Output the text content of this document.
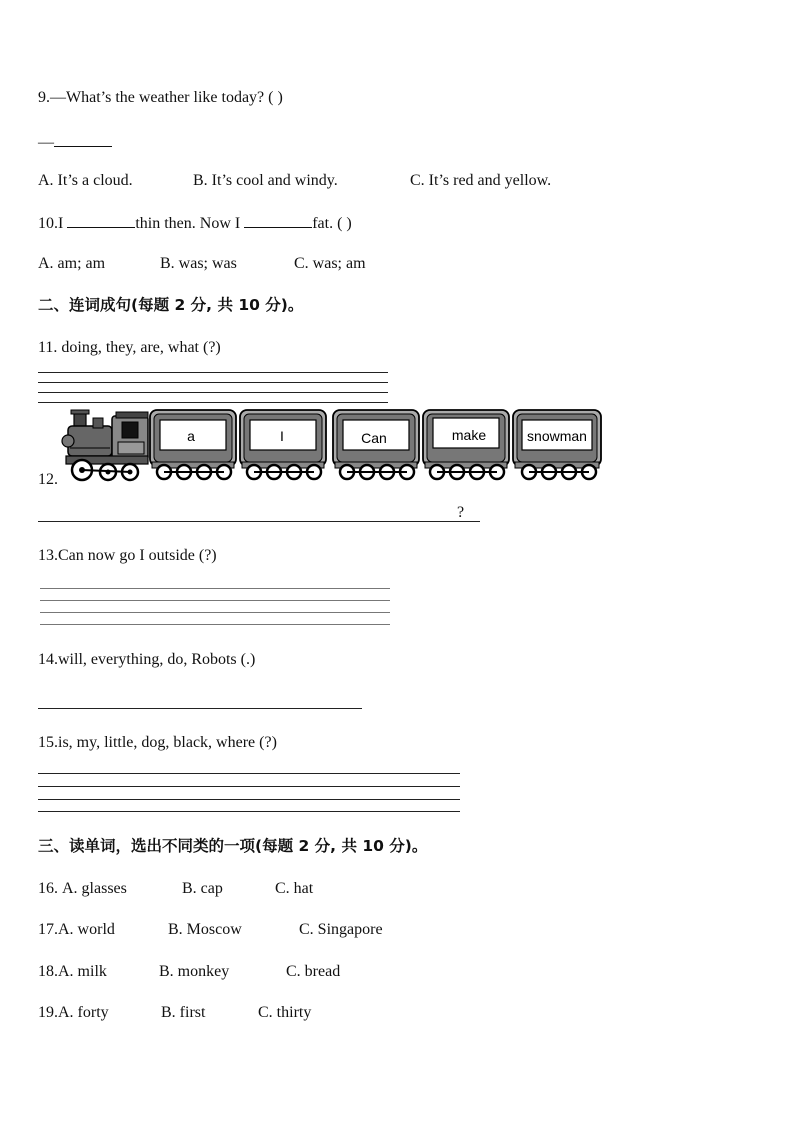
9.—What’s the weather like today? ( )
—
A. It’s a cloud.	B. It’s cool and windy.	C. It’s red and yellow.
10.I	thin then. Now I	fat. ( )
A. am; am	B. was; was	C. was; am
二、连词成句(每题 2 分, 共 10 分)。
11. doing, they, are, what (?)
12.
a	I	Can	make	snowman
?
13.Can now go I outside (?)
14.will, everything, do, Robots (.)
15.is, my, little, dog, black, where (?)
三、读单词，选出不同类的一项(每题 2 分, 共 10 分)。
16. A. glasses	B. cap	C. hat
17.A. world	B. Moscow	C. Singapore
18.A. milk	B. monkey	C. bread
19.A. forty	B. first	C. thirty
